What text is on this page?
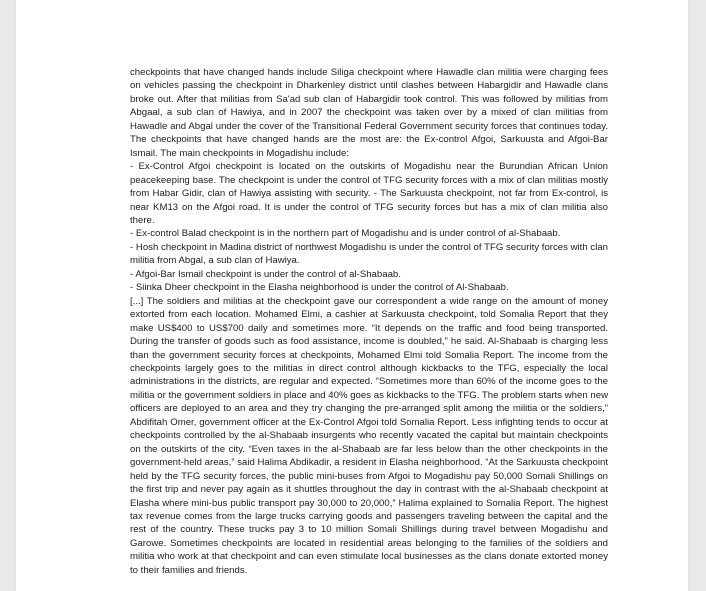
checkpoints that have changed hands include Siliga checkpoint where Hawadle clan militia were charging fees on vehicles passing the checkpoint in Dharkenley district until clashes between Habargidir and Hawadle clans broke out. After that militias from Sa'ad sub clan of Habargidir took control. This was followed by militias from Abgaal, a sub clan of Hawiya, and in 2007 the checkpoint was taken over by a mixed of clan militias from Hawadle and Abgal under the cover of the Transitional Federal Government security forces that continues today. The checkpoints that have changed hands are the most are: the Ex-control Afgoi, Sarkuusta and Afgoi-Bar Ismail. The main checkpoints in Mogadishu include:

- Ex-Control Afgoi checkpoint is located on the outskirts of Mogadishu near the Burundian African Union peacekeeping base. The checkpoint is under the control of TFG security forces with a mix of clan militias mostly from Habar Gidir, clan of Hawiya assisting with security. - The Sarkuusta checkpoint, not far from Ex-control, is near KM13 on the Afgoi road. It is under the control of TFG security forces but has a mix of clan militia also there.

- Ex-control Balad checkpoint is in the northern part of Mogadishu and is under control of al-Shabaab.

- Hosh checkpoint in Madina district of northwest Mogadishu is under the control of TFG security forces with clan militia from Abgal, a sub clan of Hawiya.

- Afgoi-Bar Ismail checkpoint is under the control of al-Shabaab.

- Siinka Dheer checkpoint in the Elasha neighborhood is under the control of Al-Shabaab.

[...] The soldiers and militias at the checkpoint gave our correspondent a wide range on the amount of money extorted from each location. Mohamed Elmi, a cashier at Sarkuusta checkpoint, told Somalia Report that they make US$400 to US$700 daily and sometimes more. “It depends on the traffic and food being transported. During the transfer of goods such as food assistance, income is doubled,” he said. Al-Shabaab is charging less than the government security forces at checkpoints, Mohamed Elmi told Somalia Report. The income from the checkpoints largely goes to the militias in direct control although kickbacks to the TFG, especially the local administrations in the districts, are regular and expected. “Sometimes more than 60% of the income goes to the militia or the government soldiers in place and 40% goes as kickbacks to the TFG. The problem starts when new officers are deployed to an area and they try changing the pre-arranged split among the militia or the soldiers,” Abdifitah Omer, government officer at the Ex-Control Afgoi told Somalia Report. Less infighting tends to occur at checkpoints controlled by the al-Shabaab insurgents who recently vacated the capital but maintain checkpoints on the outskirts of the city. “Even taxes in the al-Shabaab are far less below than the other checkpoints in the government-held areas,” said Halima Abdikadir, a resident in Elasha neighborhood. “At the Sarkuusta checkpoint held by the TFG security forces, the public mini-buses from Afgoi to Mogadishu pay 50,000 Somali Shillings on the first trip and never pay again as it shuttles throughout the day in contrast with the al-Shabaab checkpoint at Elasha where mini-bus public transport pay 30,000 to 20,000,” Halima explained to Somalia Report. The highest tax revenue comes from the large trucks carrying goods and passengers traveling between the capital and the rest of the country. These trucks pay 3 to 10 million Somali Shillings during travel between Mogadishu and Garowe. Sometimes checkpoints are located in residential areas belonging to the families of the soldiers and militia who work at that checkpoint and can even stimulate local businesses as the clans donate extorted money to their families and friends.
